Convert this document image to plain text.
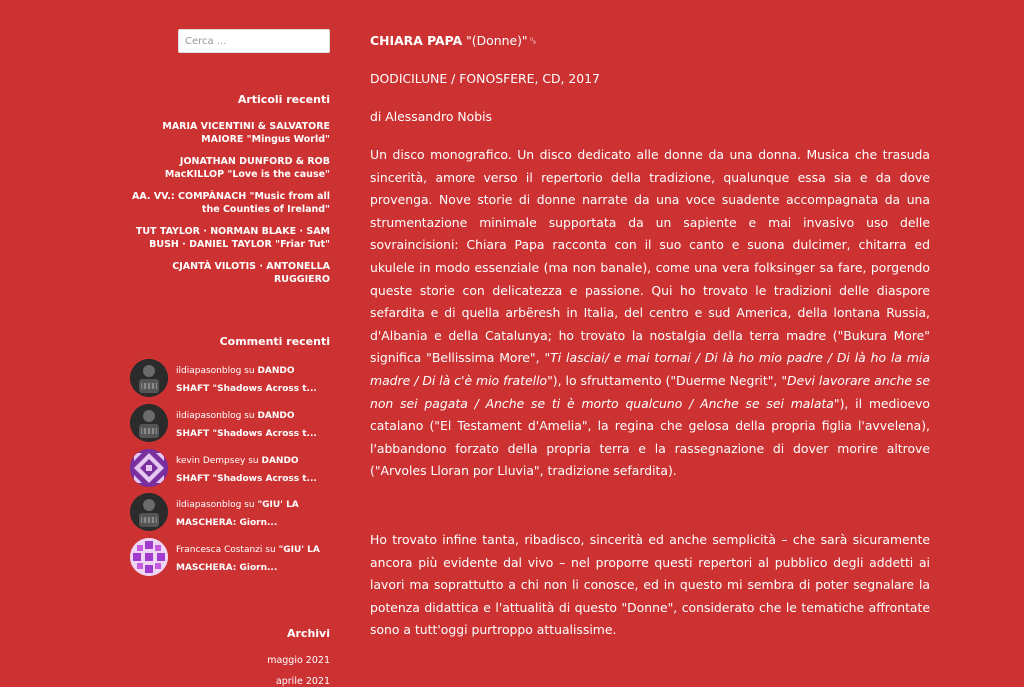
Cerca ...
Articoli recenti
MARIA VICENTINI & SALVATORE MAIORE "Mingus World"
JONATHAN DUNFORD & ROB MacKILLOP "Love is the cause"
AA. VV.: COMPÀNACH "Music from all the Counties of Ireland"
TUT TAYLOR · NORMAN BLAKE · SAM BUSH · DANIEL TAYLOR "Friar Tut"
CJANTÀ VILOTIS · ANTONELLA RUGGIERO
Commenti recenti
ildiapasonblog su DANDO SHAFT "Shadows Across t...
ildiapasonblog su DANDO SHAFT "Shadows Across t...
kevin Dempsey su DANDO SHAFT "Shadows Across t...
ildiapasonblog su "GIU' LA MASCHERA: Giorn...
Francesca Costanzi su "GIU' LA MASCHERA: Giorn...
Archivi
maggio 2021
aprile 2021
CHIARA PAPA "(Donne)"␟
DODICILUNE / FONOSFERE, CD, 2017
di Alessandro Nobis

Un disco monografico. Un disco dedicato alle donne da una donna. Musica che trasuda sincerità, amore verso il repertorio della tradizione, qualunque essa sia e da dove provenga. Nove storie di donne narrate da una voce suadente accompagnata da una strumentazione minimale supportata da un sapiente e mai invasivo uso delle sovraincisioni: Chiara Papa racconta con il suo canto e suona dulcimer, chitarra ed ukulele in modo essenziale (ma non banale), come una vera folksinger sa fare, porgendo queste storie con delicatezza e passione. Qui ho trovato le tradizioni delle diaspore sefardita e di quella arbëresh in Italia, del centro e sud America, della lontana Russia, d'Albania e della Catalunya; ho trovato la nostalgia della terra madre ("Bukura More" significa "Bellissima More", "Ti lasciai/ e mai tornai / Di là ho mio padre / Di là ho la mia madre / Di là c'è mio fratello"), lo sfruttamento ("Duerme Negrit", "Devi lavorare anche se non sei pagata / Anche se ti è morto qualcuno / Anche se sei malata"), il medioevo catalano ("El Testament d'Amelia", la regina che gelosa della propria figlia l'avvelena), l'abbandono forzato della propria terra e la rassegnazione di dover morire altrove ("Arvoles Lloran por Lluvia", tradizione sefardita).

Ho trovato infine tanta, ribadisco, sincerità ed anche semplicità – che sarà sicuramente ancora più evidente dal vivo – nel proporre questi repertori al pubblico degli addetti ai lavori ma soprattutto a chi non li conosce, ed in questo mi sembra di poter segnalare la potenza didattica e l'attualità di questo "Donne", considerato che le tematiche affrontate sono a tutt'oggi purtroppo attualissime.
